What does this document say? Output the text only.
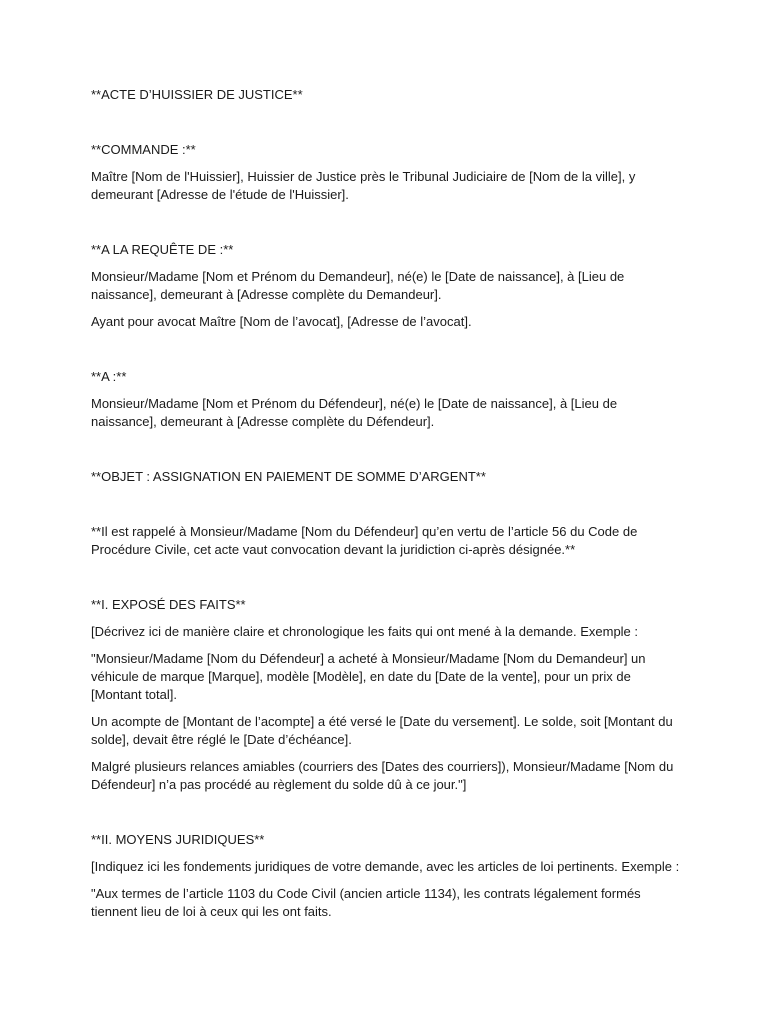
**ACTE D’HUISSIER DE JUSTICE**

**COMMANDE :**

Maître [Nom de l'Huissier], Huissier de Justice près le Tribunal Judiciaire de [Nom de la ville], y demeurant [Adresse de l'étude de l'Huissier].

**A LA REQUÊTE DE :**

Monsieur/Madame [Nom et Prénom du Demandeur], né(e) le [Date de naissance], à [Lieu de naissance], demeurant à [Adresse complète du Demandeur].

Ayant pour avocat Maître [Nom de l’avocat], [Adresse de l’avocat].

**A :**

Monsieur/Madame [Nom et Prénom du Défendeur], né(e) le [Date de naissance], à [Lieu de naissance], demeurant à [Adresse complète du Défendeur].

**OBJET : ASSIGNATION EN PAIEMENT DE SOMME D’ARGENT**

**Il est rappelé à Monsieur/Madame [Nom du Défendeur] qu’en vertu de l’article 56 du Code de Procédure Civile, cet acte vaut convocation devant la juridiction ci-après désignée.**

**I. EXPOSÉ DES FAITS**

[Décrivez ici de manière claire et chronologique les faits qui ont mené à la demande. Exemple :

"Monsieur/Madame [Nom du Défendeur] a acheté à Monsieur/Madame [Nom du Demandeur] un véhicule de marque [Marque], modèle [Modèle], en date du [Date de la vente], pour un prix de [Montant total].

Un acompte de [Montant de l’acompte] a été versé le [Date du versement]. Le solde, soit [Montant du solde], devait être réglé le [Date d’échéance].

Malgré plusieurs relances amiables (courriers des [Dates des courriers]), Monsieur/Madame [Nom du Défendeur] n’a pas procédé au règlement du solde dû à ce jour."]

**II. MOYENS JURIDIQUES**

[Indiquez ici les fondements juridiques de votre demande, avec les articles de loi pertinents. Exemple :

"Aux termes de l’article 1103 du Code Civil (ancien article 1134), les contrats légalement formés tiennent lieu de loi à ceux qui les ont faits.
